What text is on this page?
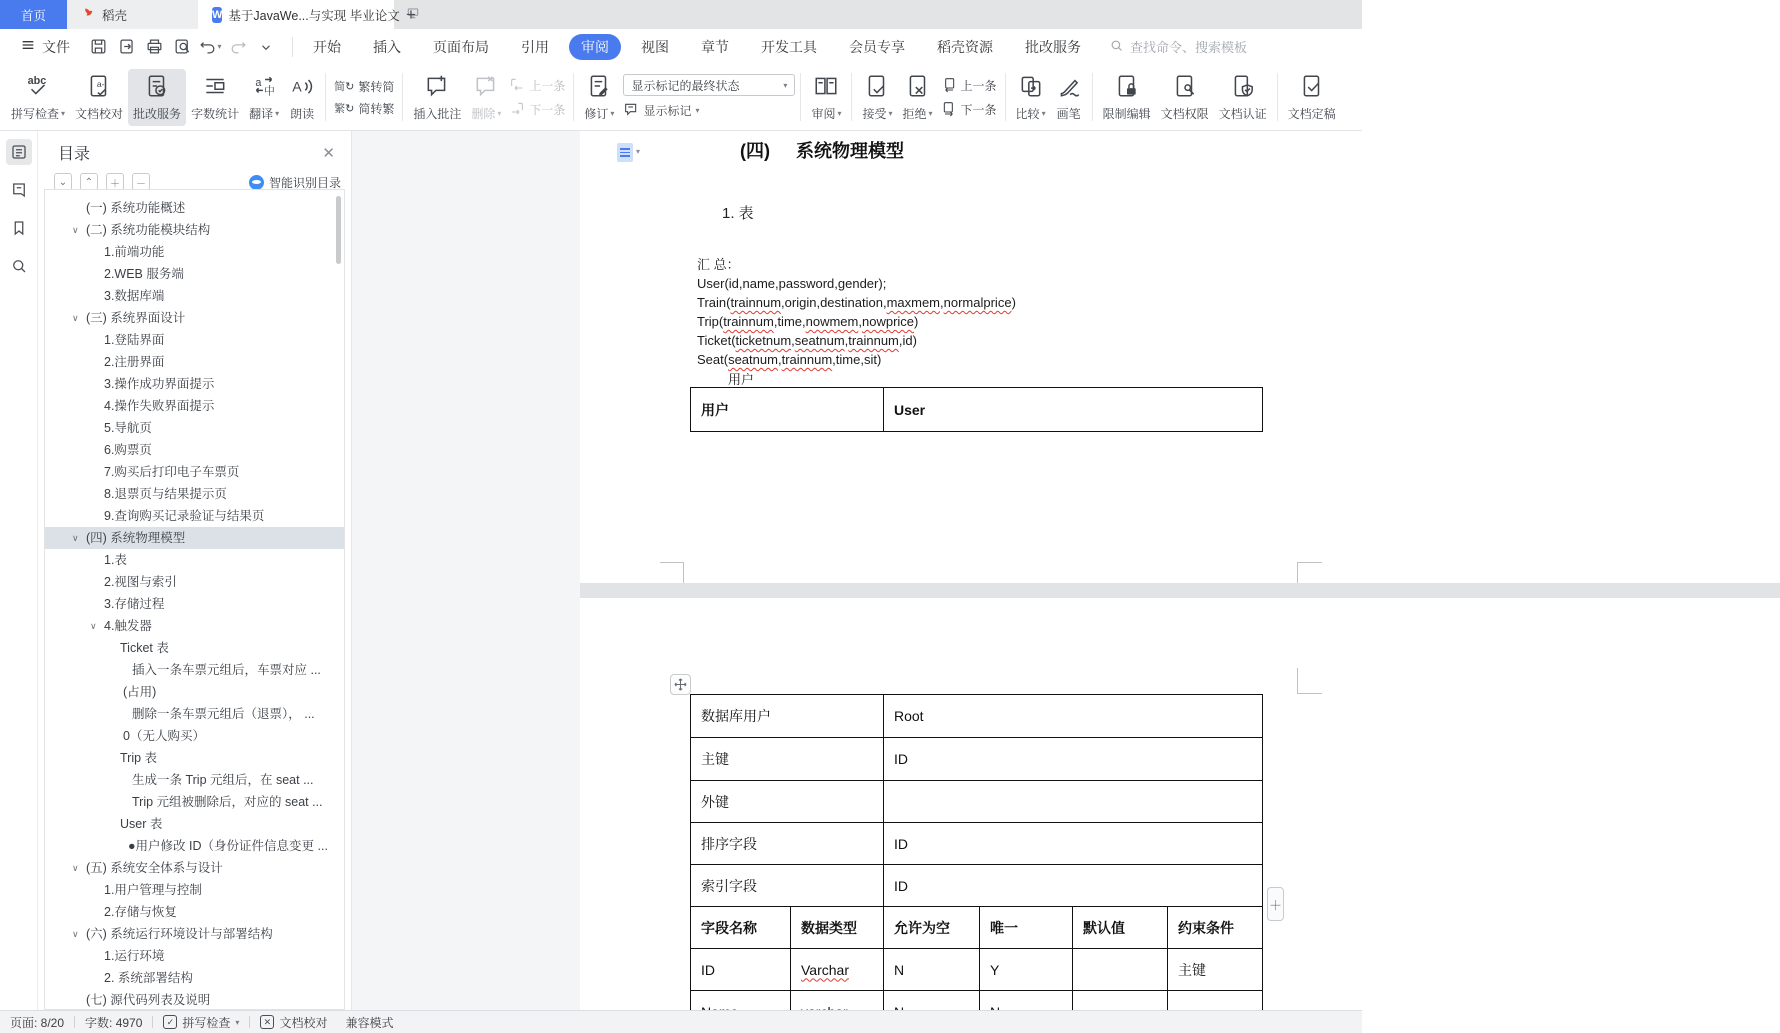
首页	稻壳	W 基于JavaWe...与实现 毕业论文 +
文件	▾	开始	插入	页面布局	引用	审阅	视图	章节	开发工具	会员专享	稻壳资源	批改服务	查找命令、搜索模板
abc
拼写检查 ▾
a-
文档校对 批改服务 字数统计
a
中
翻译 ▾
A
朗读
简↻ 繁转简
繁↻ 简转繁 插入批注 删除 ▾
上一条
下一条 修订 ▾
显示标记的最终状态	▾
显示标记 ▾	审阅 ▾ 接受 ▾ 拒绝 ▾
上一条
下一条 比较 ▾ 画笔 限制编辑 文档权限 文档认证 文档定稿
目录	✕
⌄	⌃	＋	－	智能识别目录
(一) 系统功能概述
∨ (二) 系统功能模块结构
1.前端功能
2.WEB 服务端
3.数据库端
∨ (三) 系统界面设计
1.登陆界面
2.注册界面
3.操作成功界面提示
4.操作失败界面提示
5.导航页
6.购票页
7.购买后打印电子车票页
8.退票页与结果提示页
9.查询购买记录验证与结果页
∨ (四) 系统物理模型
1.表
2.视图与索引
3.存储过程
∨ 4.触发器
Ticket 表
插入一条车票元组后，车票对应 ...
(占用)
删除一条车票元组后（退票）， ...
0（无人购买）
Trip 表
生成一条 Trip 元组后，在 seat ...
Trip 元组被删除后，对应的 seat ...
User 表
●用户修改 ID（身份证件信息变更 ...
∨ (五) 系统安全体系与设计
1.用户管理与控制
2.存储与恢复
∨ (六) 系统运行环境设计与部署结构
1.运行环境
2. 系统部署结构
(七) 源代码列表及说明
▾	(四) 系统物理模型
1. 表
汇 总：
User(id,name,password,gender);
Train(trainnum,origin,destination,maxmem,normalprice)
Trip(trainnum,time,nowmem,nowprice)
Ticket(ticketnum,seatnum,trainnum,id)
Seat(seatnum,trainnum,time,sit)
用户
用户	User
数据库用户		Root			
主键		ID			
外键					
排序字段		ID			
索引字段		ID			
字段名称	数据类型	允许为空	唯一	默认值	约束条件
ID	Varchar	N	Y		主键

＋
页面: 8/20 字数: 4970	✓ 拼写检查 ▾	✕ 文档校对 兼容模式
